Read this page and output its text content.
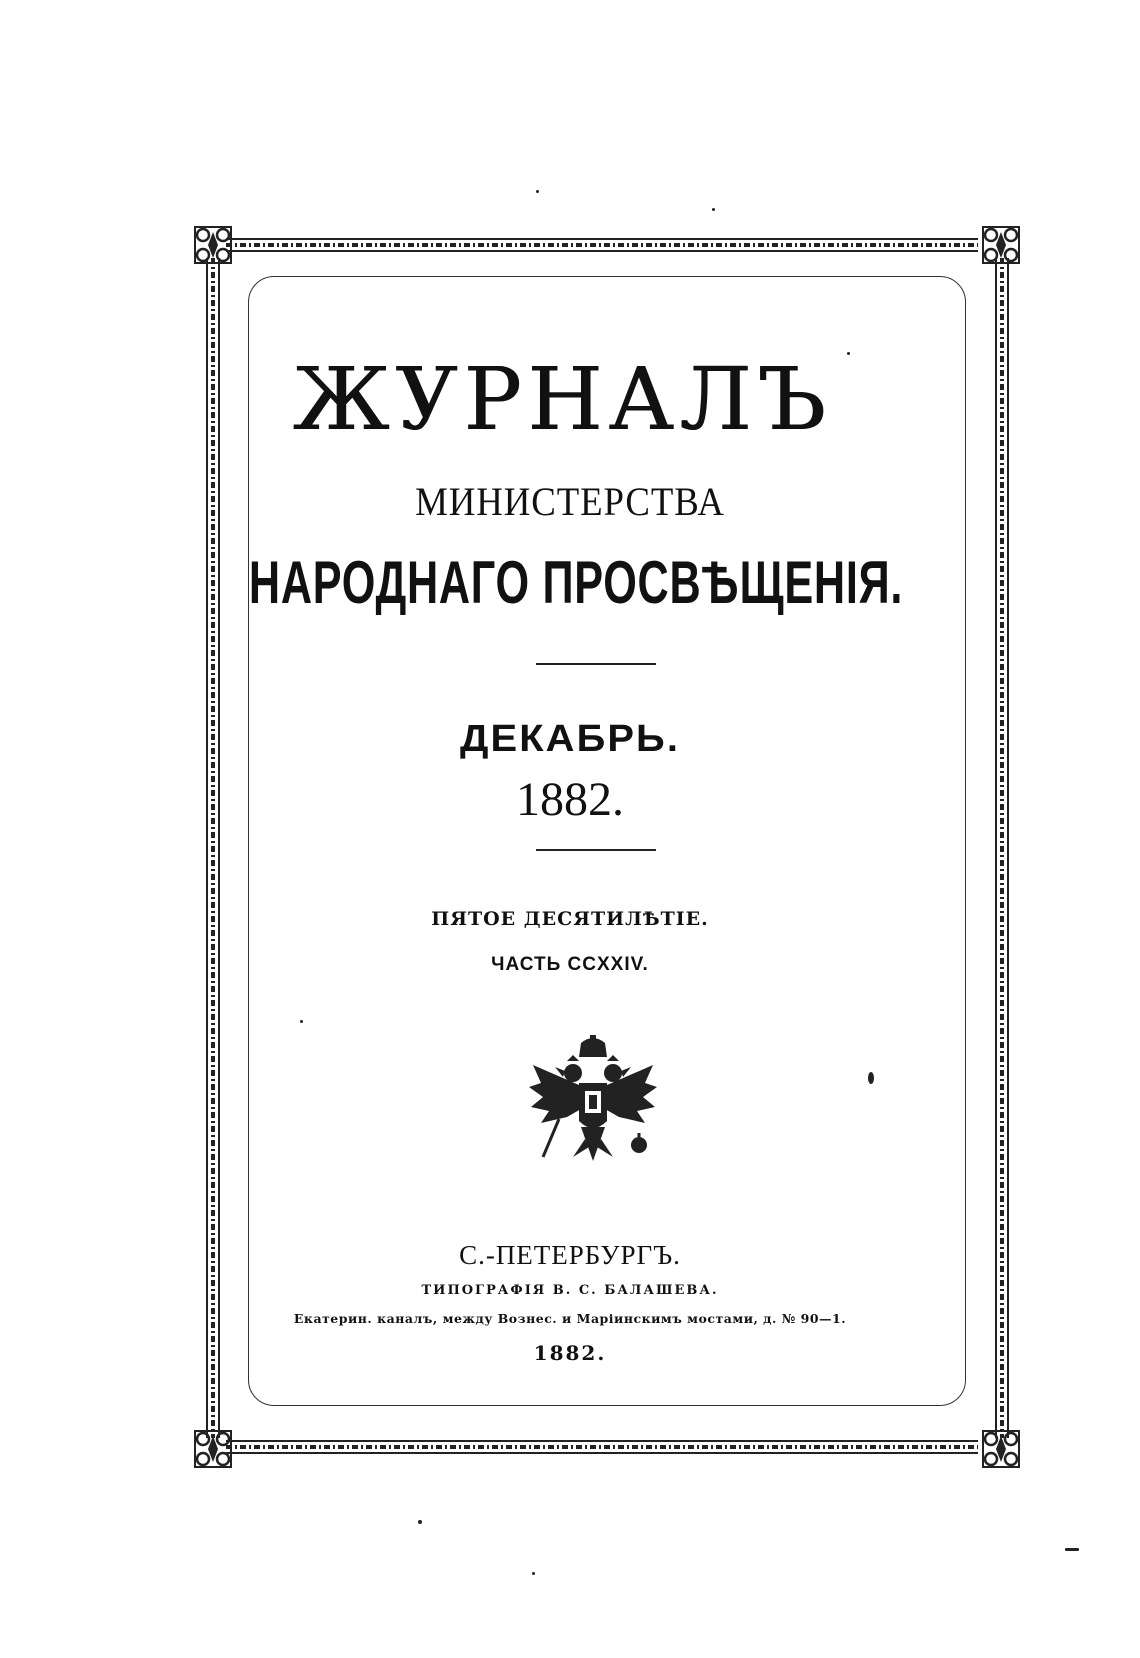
ЖУРНАЛЪ
МИНИСТЕРСТВА
НАРОДНАГО ПРОСВѢЩЕНІЯ.
ДЕКАБРЬ.
1882.
ПЯТОЕ ДЕСЯТИЛѢТІЕ.
ЧАСТЬ CCXXIV.
С.-ПЕТЕРБУРГЪ.
ТИПОГРАФІЯ В. С. БАЛАШЕВА.
Екатерин. каналъ, между Вознес. и Маріинскимъ мостами, д. № 90—1.
1882.
